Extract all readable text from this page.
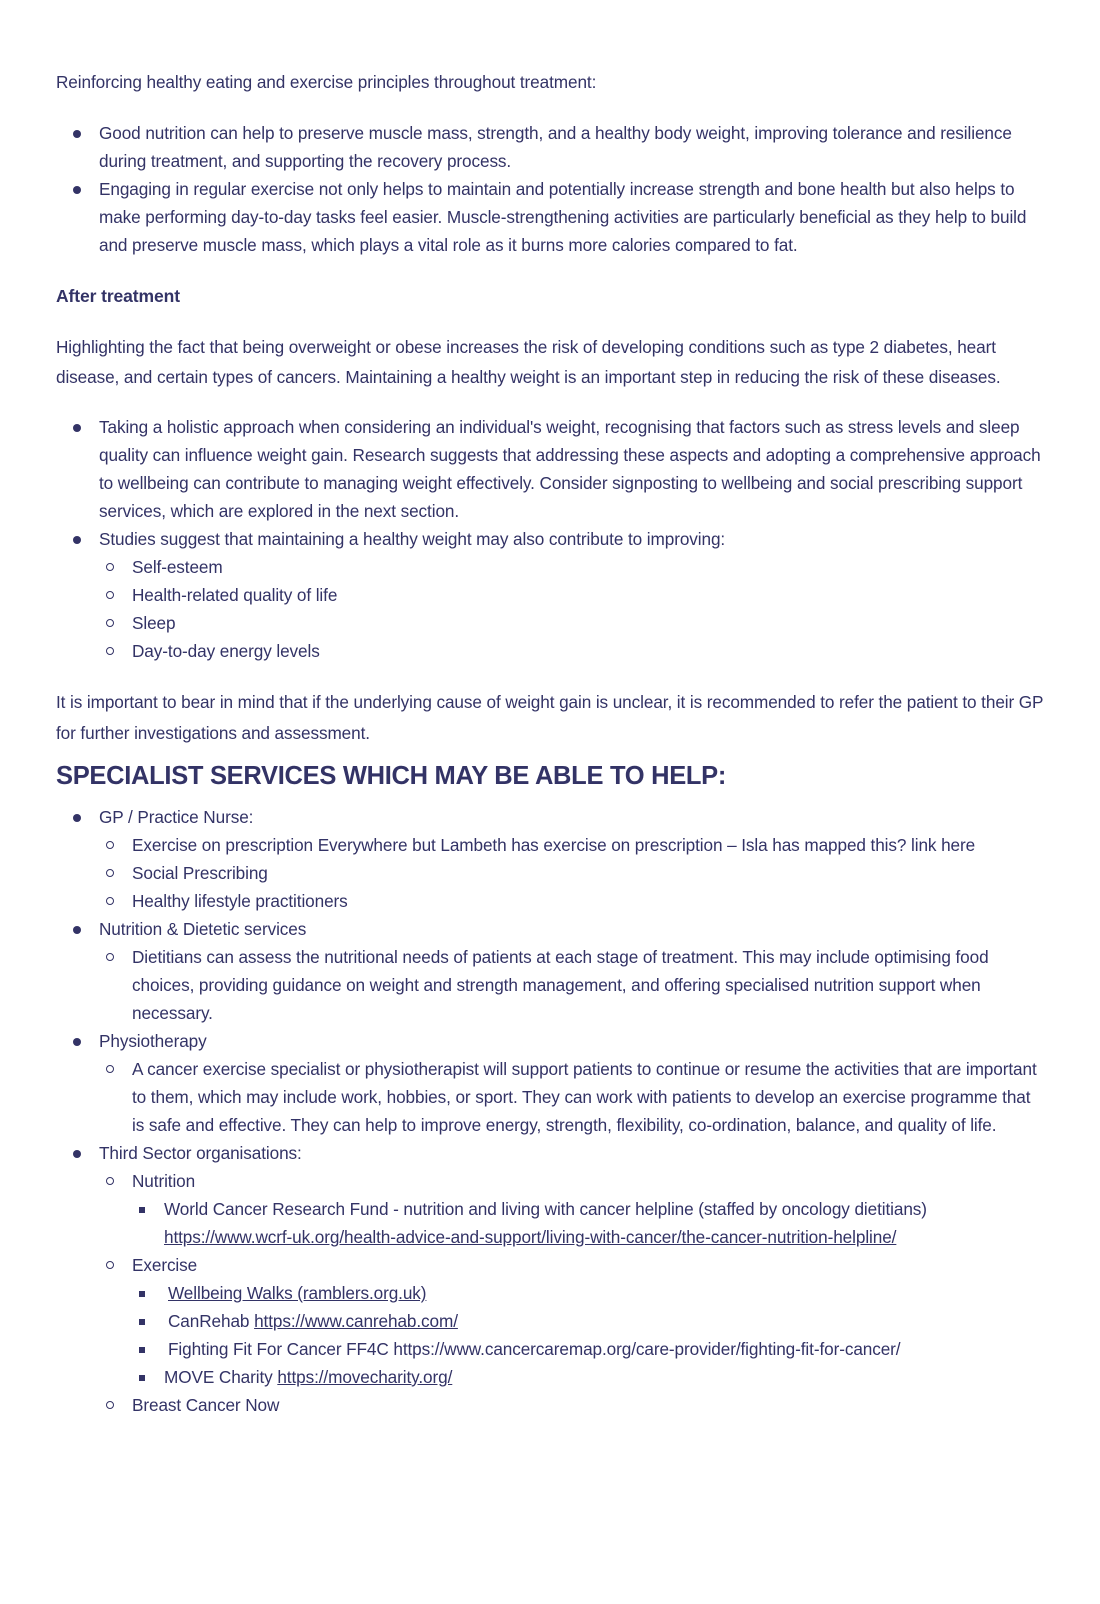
Reinforcing healthy eating and exercise principles throughout treatment:

Good nutrition can help to preserve muscle mass, strength, and a healthy body weight, improving tolerance and resilience during treatment, and supporting the recovery process.
Engaging in regular exercise not only helps to maintain and potentially increase strength and bone health but also helps to make performing day-to-day tasks feel easier. Muscle-strengthening activities are particularly beneficial as they help to build and preserve muscle mass, which plays a vital role as it burns more calories compared to fat.

After treatment

Highlighting the fact that being overweight or obese increases the risk of developing conditions such as type 2 diabetes, heart disease, and certain types of cancers. Maintaining a healthy weight is an important step in reducing the risk of these diseases.

Taking a holistic approach when considering an individual's weight, recognising that factors such as stress levels and sleep quality can influence weight gain. Research suggests that addressing these aspects and adopting a comprehensive approach to wellbeing can contribute to managing weight effectively. Consider signposting to wellbeing and social prescribing support services, which are explored in the next section.
Studies suggest that maintaining a healthy weight may also contribute to improving:
Self-esteem
Health-related quality of life
Sleep
Day-to-day energy levels

It is important to bear in mind that if the underlying cause of weight gain is unclear, it is recommended to refer the patient to their GP for further investigations and assessment.

SPECIALIST SERVICES WHICH MAY BE ABLE TO HELP:
GP / Practice Nurse:
Exercise on prescription Everywhere but Lambeth has exercise on prescription – Isla has mapped this? link here
Social Prescribing
Healthy lifestyle practitioners
Nutrition & Dietetic services
Dietitians can assess the nutritional needs of patients at each stage of treatment. This may include optimising food choices, providing guidance on weight and strength management, and offering specialised nutrition support when necessary.
Physiotherapy
A cancer exercise specialist or physiotherapist will support patients to continue or resume the activities that are important to them, which may include work, hobbies, or sport. They can work with patients to develop an exercise programme that is safe and effective. They can help to improve energy, strength, flexibility, co-ordination, balance, and quality of life.
Third Sector organisations:
Nutrition
World Cancer Research Fund - nutrition and living with cancer helpline (staffed by oncology dietitians)
https://www.wcrf-uk.org/health-advice-and-support/living-with-cancer/the-cancer-nutrition-helpline/
Exercise
Wellbeing Walks (ramblers.org.uk)
CanRehab https://www.canrehab.com/
Fighting Fit For Cancer FF4C https://www.cancercaremap.org/care-provider/fighting-fit-for-cancer/
MOVE Charity https://movecharity.org/
Breast Cancer Now
